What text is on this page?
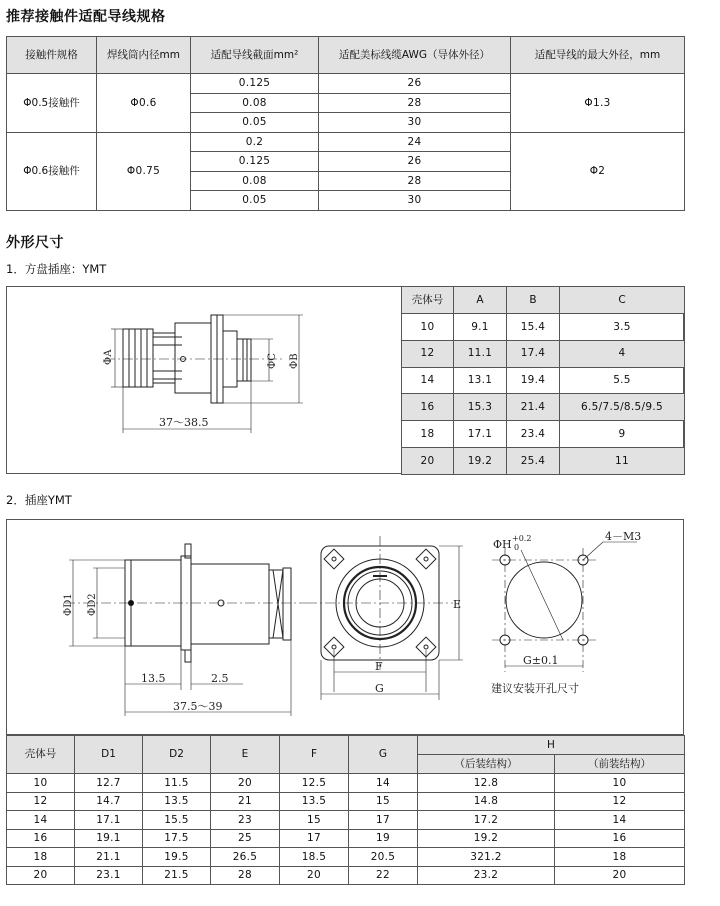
推荐接触件适配导线规格
接触件规格	焊线筒内径mm	适配导线截面mm²	适配美标线缆AWG（导体外径）	适配导线的最大外径，mm
Φ0.5接触件	Φ0.6	0.125	26	Φ1.3
		0.08	28	
		0.05	30	
Φ0.6接触件	Φ0.75	0.2	24	Φ2
		0.125	26	
		0.08	28	
		0.05	30	
外形尺寸
1．方盘插座：YMT
ΦA	ΦC ΦB
37～38.5
壳体号	A	B	C
10	9.1	15.4	3.5
12	11.1	17.4	4
14	13.1	19.4	5.5
16	15.3	21.4	6.5/7.5/8.5/9.5
18	17.1	23.4	9
20	19.2	25.4	11
2．插座YMT
ΦD1 ΦD2
13.5	2.5
37.5～39
E
F
G
ΦH +0.2
0
4－M3
G±0.1
建议安装开孔尺寸
壳体号	D1	D2	E	F	G	H	
						（后装结构）	（前装结构）
10	12.7	11.5	20	12.5	14	12.8	10
12	14.7	13.5	21	13.5	15	14.8	12
14	17.1	15.5	23	15	17	17.2	14
16	19.1	17.5	25	17	19	19.2	16
18	21.1	19.5	26.5	18.5	20.5	321.2	18
20	23.1	21.5	28	20	22	23.2	20
